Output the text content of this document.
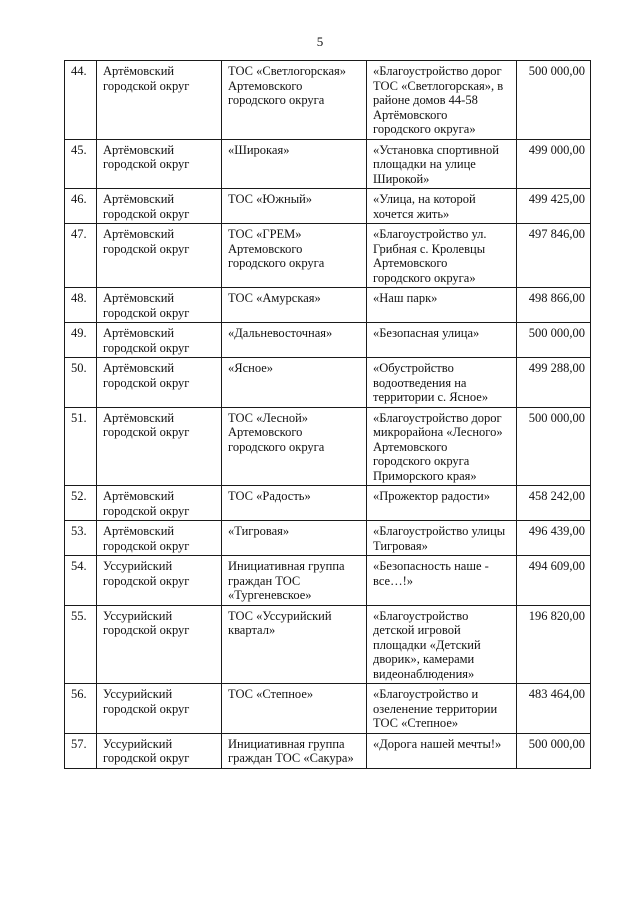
5
44.	Артёмовский
городской округ	ТОС «Светлогорская»
Артемовского
городского округа	«Благоустройство дорог
ТОС «Светлогорская», в
районе домов 44-58
Артёмовского
городского округа»	500 000,00

45.	Артёмовский
городской округ	«Широкая»	«Установка спортивной
площадки на улице
Широкой»	499 000,00

46.	Артёмовский
городской округ	ТОС «Южный»	«Улица, на которой
хочется жить»	499 425,00

47.	Артёмовский
городской округ	ТОС «ГРЕМ»
Артемовского
городского округа	«Благоустройство ул.
Грибная с. Кролевцы
Артемовского
городского округа»	497 846,00

48.	Артёмовский
городской округ	ТОС «Амурская»	«Наш парк»	498 866,00

49.	Артёмовский
городской округ	«Дальневосточная»	«Безопасная улица»	500 000,00

50.	Артёмовский
городской округ	«Ясное»	«Обустройство
водоотведения на
территории с. Ясное»	499 288,00

51.	Артёмовский
городской округ	ТОС «Лесной»
Артемовского
городского округа	«Благоустройство дорог
микрорайона «Лесного»
Артемовского
городского округа
Приморского края»	500 000,00

52.	Артёмовский
городской округ	ТОС «Радость»	«Прожектор радости»	458 242,00

53.	Артёмовский
городской округ	«Тигровая»	«Благоустройство улицы
Тигровая»	496 439,00

54.	Уссурийский
городской округ	Инициативная группа
граждан ТОС
«Тургеневское»	«Безопасность наше -
все…!»	494 609,00

55.	Уссурийский
городской округ	ТОС «Уссурийский
квартал»	«Благоустройство
детской игровой
площадки «Детский
дворик», камерами
видеонаблюдения»	196 820,00

56.	Уссурийский
городской округ	ТОС «Степное»	«Благоустройство и
озеленение территории
ТОС «Степное»	483 464,00

57.	Уссурийский
городской округ	Инициативная группа
граждан ТОС «Сакура»	«Дорога нашей мечты!»	500 000,00
